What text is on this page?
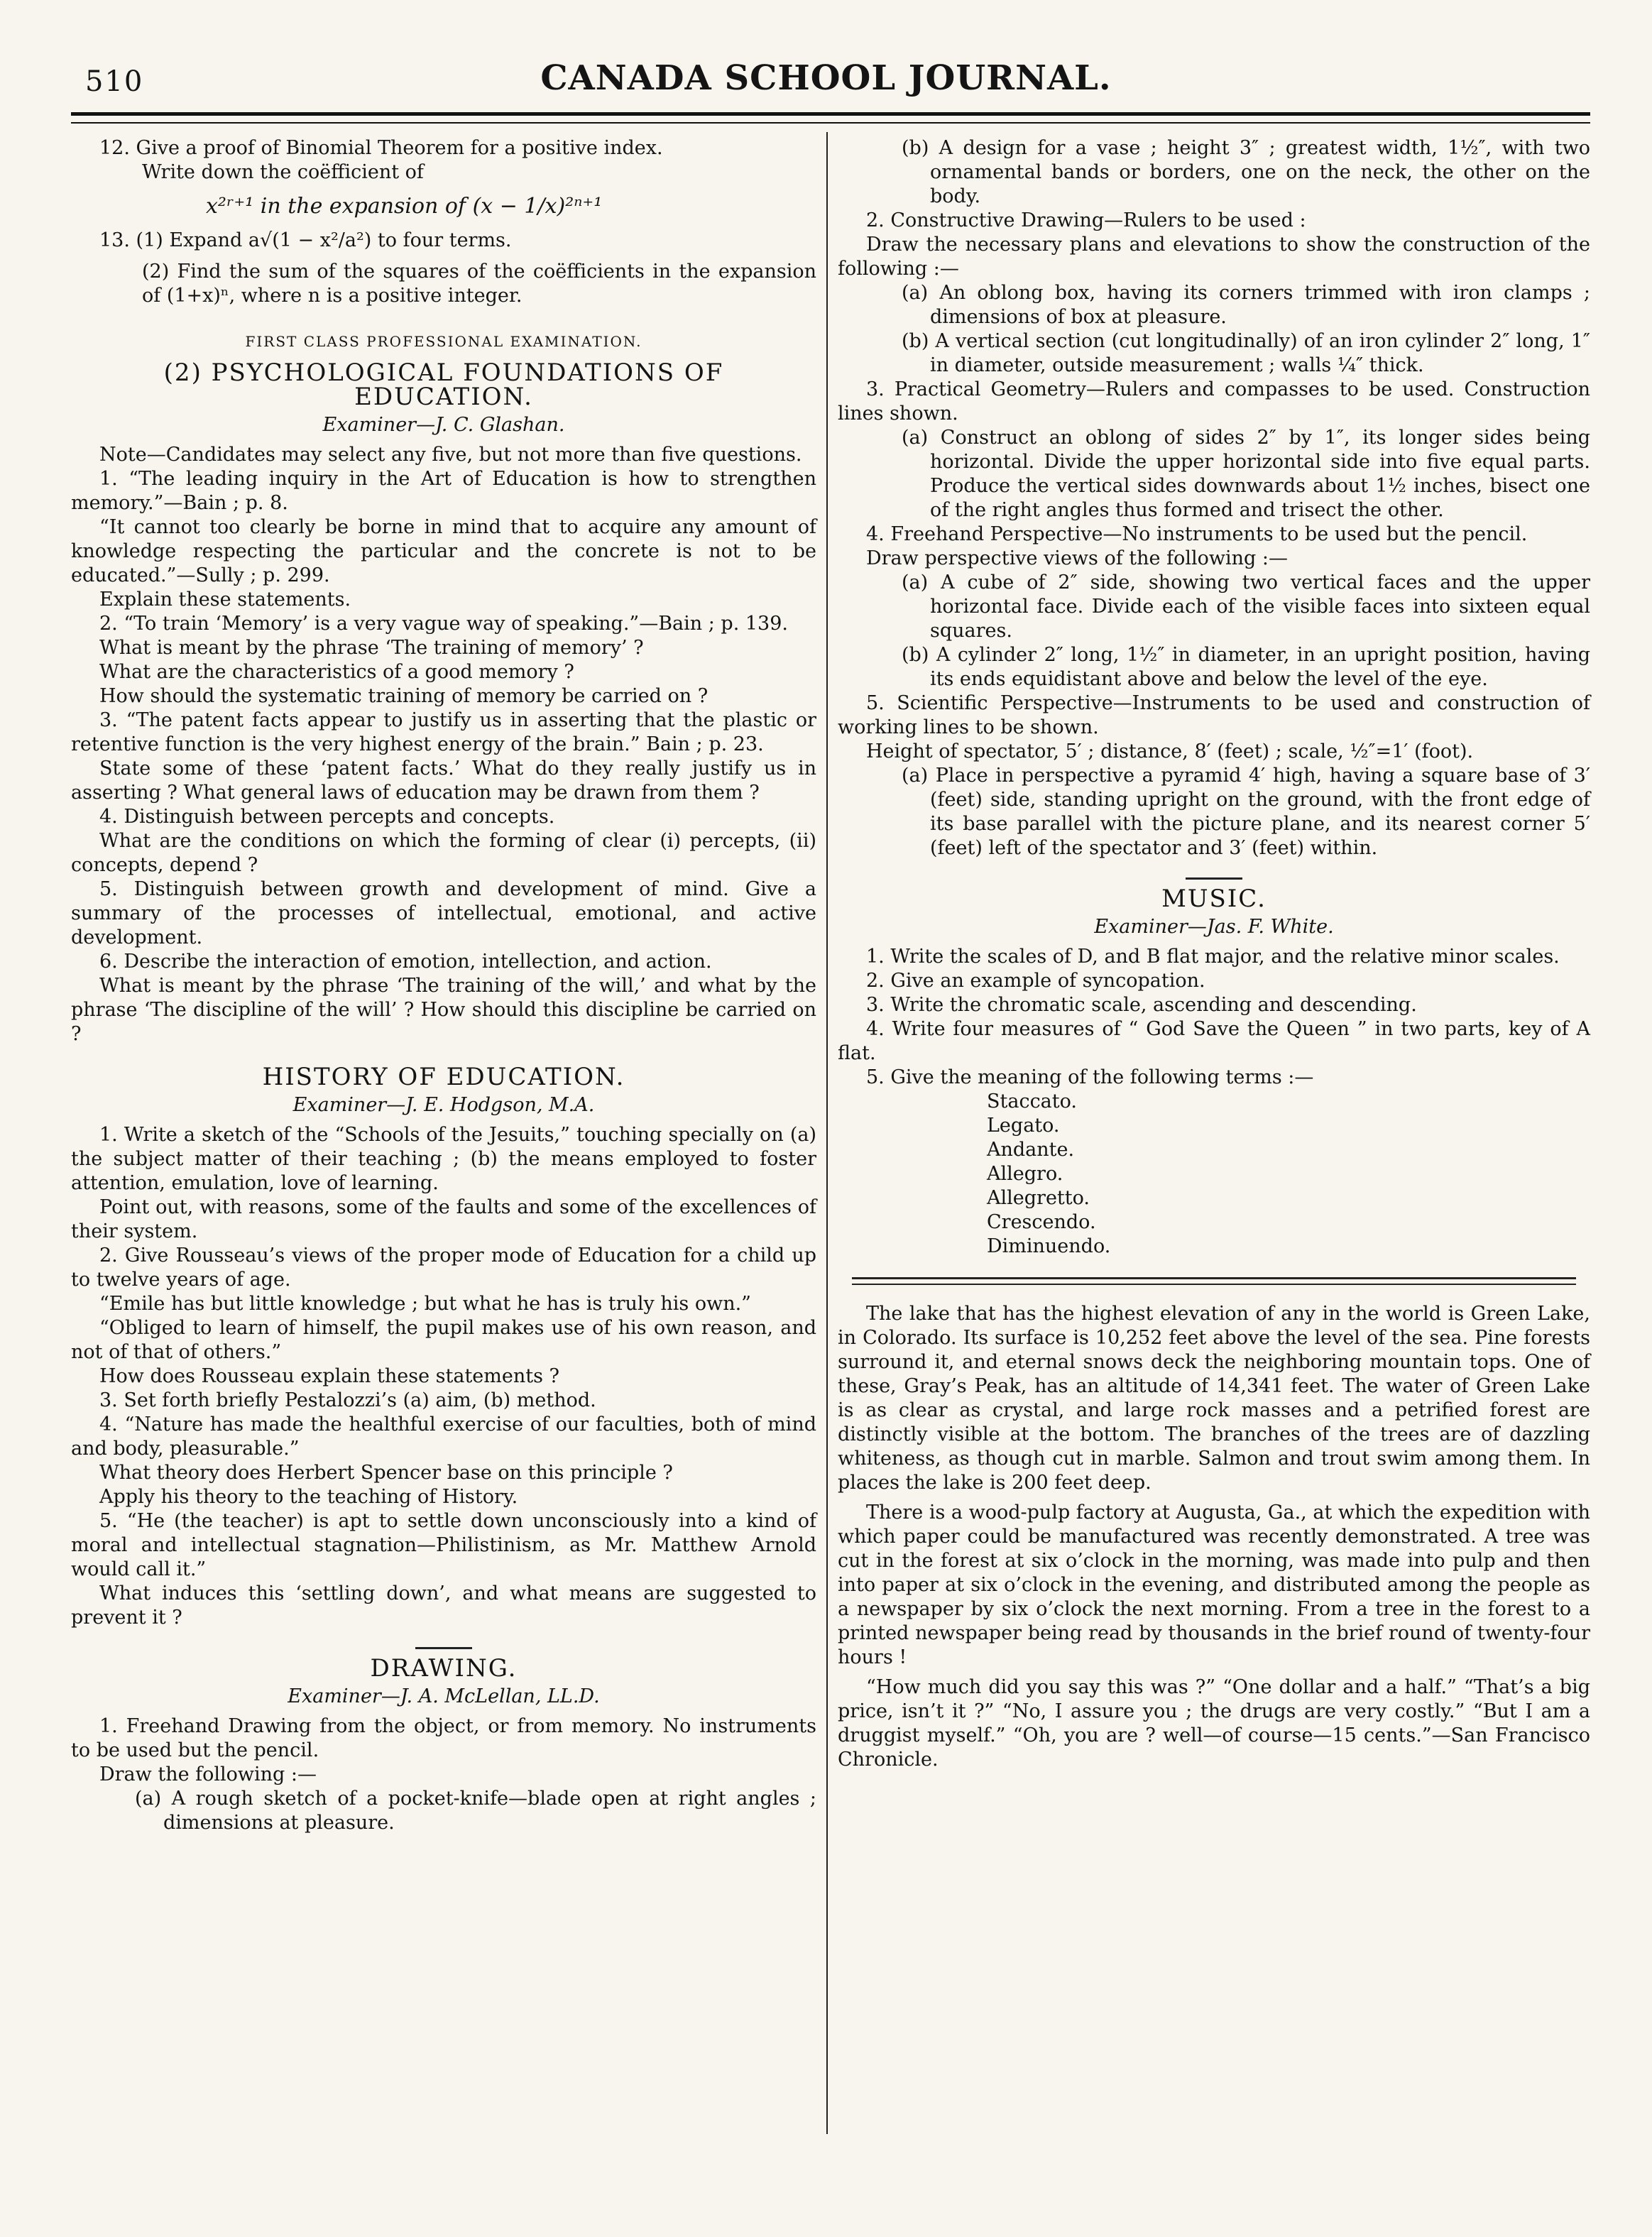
510	CANADA SCHOOL JOURNAL.

12. Give a proof of Binomial Theorem for a positive index.

Write down the coëfficient of

x²ʳ⁺¹ in the expansion of (x − 1/x)²ⁿ⁺¹

13. (1) Expand a√(1 − x²/a²) to four terms.

(2) Find the sum of the squares of the coëfficients in the expansion of (1+x)ⁿ, where n is a positive integer.

FIRST CLASS PROFESSIONAL EXAMINATION.
(2) PSYCHOLOGICAL FOUNDATIONS OF EDUCATION.
Examiner—J. C. Glashan.

Note—Candidates may select any five, but not more than five questions.

1. “The leading inquiry in the Art of Education is how to strengthen memory.”—Bain ; p. 8.

“It cannot too clearly be borne in mind that to acquire any amount of knowledge respecting the particular and the concrete is not to be educated.”—Sully ; p. 299.

Explain these statements.

2. “To train ‘Memory’ is a very vague way of speaking.”—Bain ; p. 139.

What is meant by the phrase ‘The training of memory’ ?

What are the characteristics of a good memory ?

How should the systematic training of memory be carried on ?

3. “The patent facts appear to justify us in asserting that the plastic or retentive function is the very highest energy of the brain.” Bain ; p. 23.

State some of these ‘patent facts.’ What do they really justify us in asserting ? What general laws of education may be drawn from them ?

4. Distinguish between percepts and concepts.

What are the conditions on which the forming of clear (i) percepts, (ii) concepts, depend ?

5. Distinguish between growth and development of mind. Give a summary of the processes of intellectual, emotional, and active development.

6. Describe the interaction of emotion, intellection, and action.

What is meant by the phrase ‘The training of the will,’ and what by the phrase ‘The discipline of the will’ ? How should this discipline be carried on ?

HISTORY OF EDUCATION.
Examiner—J. E. Hodgson, M.A.

1. Write a sketch of the “Schools of the Jesuits,” touching specially on (a) the subject matter of their teaching ; (b) the means employed to foster attention, emulation, love of learning.

Point out, with reasons, some of the faults and some of the excellences of their system.

2. Give Rousseau’s views of the proper mode of Education for a child up to twelve years of age.

“Emile has but little knowledge ; but what he has is truly his own.”

“Obliged to learn of himself, the pupil makes use of his own reason, and not of that of others.”

How does Rousseau explain these statements ?

3. Set forth briefly Pestalozzi’s (a) aim, (b) method.

4. “Nature has made the healthful exercise of our faculties, both of mind and body, pleasurable.”

What theory does Herbert Spencer base on this principle ?

Apply his theory to the teaching of History.

5. “He (the teacher) is apt to settle down unconsciously into a kind of moral and intellectual stagnation—Philistinism, as Mr. Matthew Arnold would call it.”

What induces this ‘settling down’, and what means are suggested to prevent it ?

DRAWING.
Examiner—J. A. McLellan, LL.D.

1. Freehand Drawing from the object, or from memory. No instruments to be used but the pencil.

Draw the following :—

(a) A rough sketch of a pocket-knife—blade open at right angles ; dimensions at pleasure.

(b) A design for a vase ; height 3″ ; greatest width, 1½″, with two ornamental bands or borders, one on the neck, the other on the body.

2. Constructive Drawing—Rulers to be used :

Draw the necessary plans and elevations to show the construction of the following :—

(a) An oblong box, having its corners trimmed with iron clamps ; dimensions of box at pleasure.

(b) A vertical section (cut longitudinally) of an iron cylinder 2″ long, 1″ in diameter, outside measurement ; walls ¼″ thick.

3. Practical Geometry—Rulers and compasses to be used. Construction lines shown.

(a) Construct an oblong of sides 2″ by 1″, its longer sides being horizontal. Divide the upper horizontal side into five equal parts. Produce the vertical sides downwards about 1½ inches, bisect one of the right angles thus formed and trisect the other.

4. Freehand Perspective—No instruments to be used but the pencil.

Draw perspective views of the following :—

(a) A cube of 2″ side, showing two vertical faces and the upper horizontal face. Divide each of the visible faces into sixteen equal squares.

(b) A cylinder 2″ long, 1½″ in diameter, in an upright position, having its ends equidistant above and below the level of the eye.

5. Scientific Perspective—Instruments to be used and construction of working lines to be shown.

Height of spectator, 5′ ; distance, 8′ (feet) ; scale, ½″=1′ (foot).

(a) Place in perspective a pyramid 4′ high, having a square base of 3′ (feet) side, standing upright on the ground, with the front edge of its base parallel with the picture plane, and its nearest corner 5′ (feet) left of the spectator and 3′ (feet) within.

MUSIC.
Examiner—Jas. F. White.

1. Write the scales of D, and B flat major, and the relative minor scales.

2. Give an example of syncopation.

3. Write the chromatic scale, ascending and descending.

4. Write four measures of “ God Save the Queen ” in two parts, key of A flat.

5. Give the meaning of the following terms :—

Staccato.
Legato.
Andante.
Allegro.
Allegretto.
Crescendo.
Diminuendo.

The lake that has the highest elevation of any in the world is Green Lake, in Colorado. Its surface is 10,252 feet above the level of the sea. Pine forests surround it, and eternal snows deck the neighboring mountain tops. One of these, Gray’s Peak, has an altitude of 14,341 feet. The water of Green Lake is as clear as crystal, and large rock masses and a petrified forest are distinctly visible at the bottom. The branches of the trees are of dazzling whiteness, as though cut in marble. Salmon and trout swim among them. In places the lake is 200 feet deep.

There is a wood-pulp factory at Augusta, Ga., at which the expedition with which paper could be manufactured was recently demonstrated. A tree was cut in the forest at six o’clock in the morning, was made into pulp and then into paper at six o’clock in the evening, and distributed among the people as a newspaper by six o’clock the next morning. From a tree in the forest to a printed newspaper being read by thousands in the brief round of twenty-four hours !

“How much did you say this was ?” “One dollar and a half.” “That’s a big price, isn’t it ?” “No, I assure you ; the drugs are very costly.” “But I am a druggist myself.” “Oh, you are ? well—of course—15 cents.”—San Francisco Chronicle.
